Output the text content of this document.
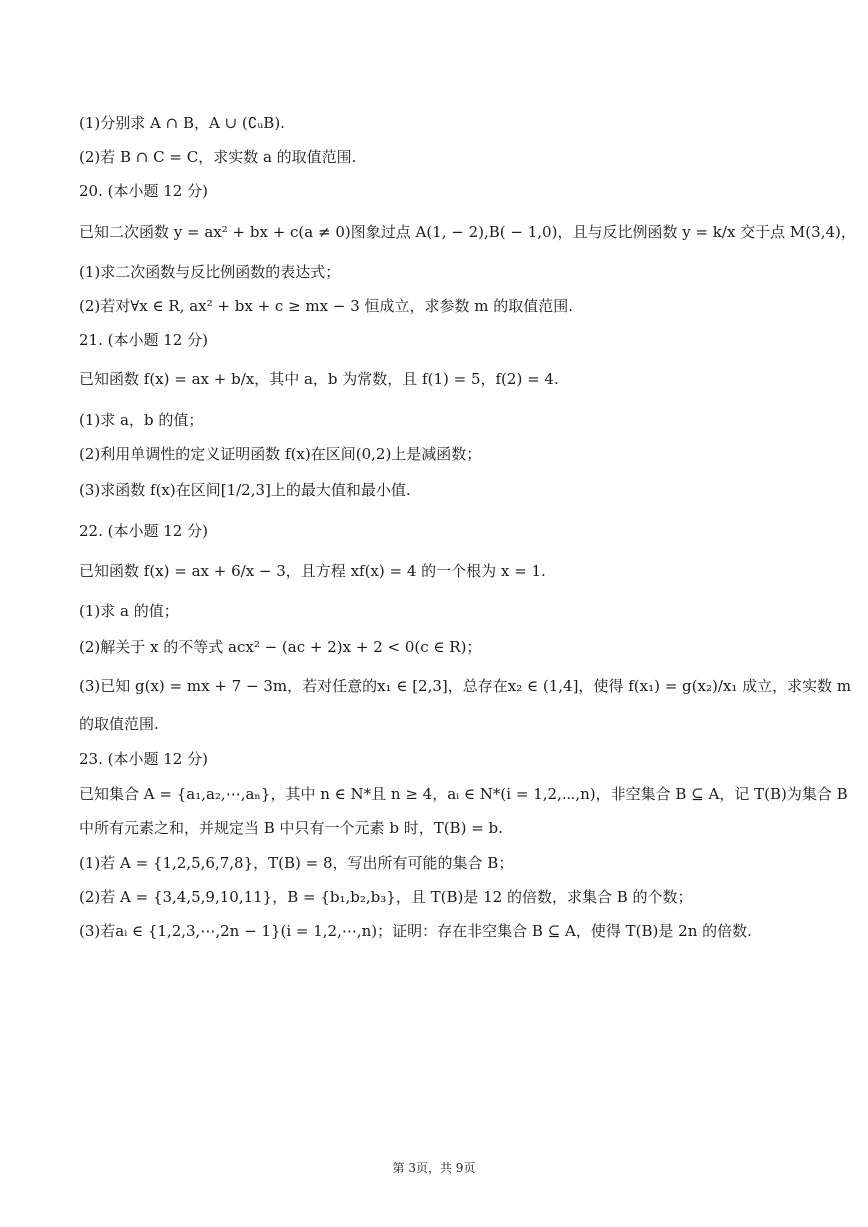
(1)分别求 A ∩ B，A ∪ (∁ᵤB).
(2)若 B ∩ C = C，求实数 a 的取值范围.
20. (本小题 12 分)
已知二次函数 y = ax² + bx + c(a ≠ 0)图象过点 A(1, − 2),B( − 1,0)，且与反比例函数 y = k/x 交于点 M(3,4)，
(1)求二次函数与反比例函数的表达式；
(2)若对∀x ∈ R, ax² + bx + c ≥ mx − 3 恒成立，求参数 m 的取值范围.
21. (本小题 12 分)
已知函数 f(x) = ax + b/x，其中 a，b 为常数，且 f(1) = 5，f(2) = 4.
(1)求 a，b 的值；
(2)利用单调性的定义证明函数 f(x)在区间(0,2)上是减函数；
(3)求函数 f(x)在区间[1/2,3]上的最大值和最小值.
22. (本小题 12 分)
已知函数 f(x) = ax + 6/x − 3，且方程 xf(x) = 4 的一个根为 x = 1.
(1)求 a 的值；
(2)解关于 x 的不等式 acx² − (ac + 2)x + 2 < 0(c ∈ R)；
(3)已知 g(x) = mx + 7 − 3m，若对任意的x₁ ∈ [2,3]，总存在x₂ ∈ (1,4]，使得 f(x₁) = g(x₂)/x₁ 成立，求实数 m
的取值范围.
23. (本小题 12 分)
已知集合 A = {a₁,a₂,⋯,aₙ}，其中 n ∈ N*且 n ≥ 4，aᵢ ∈ N*(i = 1,2,⋯,n)，非空集合 B ⊆ A，记 T(B)为集合 B
中所有元素之和，并规定当 B 中只有一个元素 b 时，T(B) = b.
(1)若 A = {1,2,5,6,7,8}，T(B) = 8，写出所有可能的集合 B；
(2)若 A = {3,4,5,9,10,11}，B = {b₁,b₂,b₃}，且 T(B)是 12 的倍数，求集合 B 的个数；
(3)若aᵢ ∈ {1,2,3,⋯,2n − 1}(i = 1,2,⋯,n)；证明：存在非空集合 B ⊆ A，使得 T(B)是 2n 的倍数.
第 3页，共 9页
